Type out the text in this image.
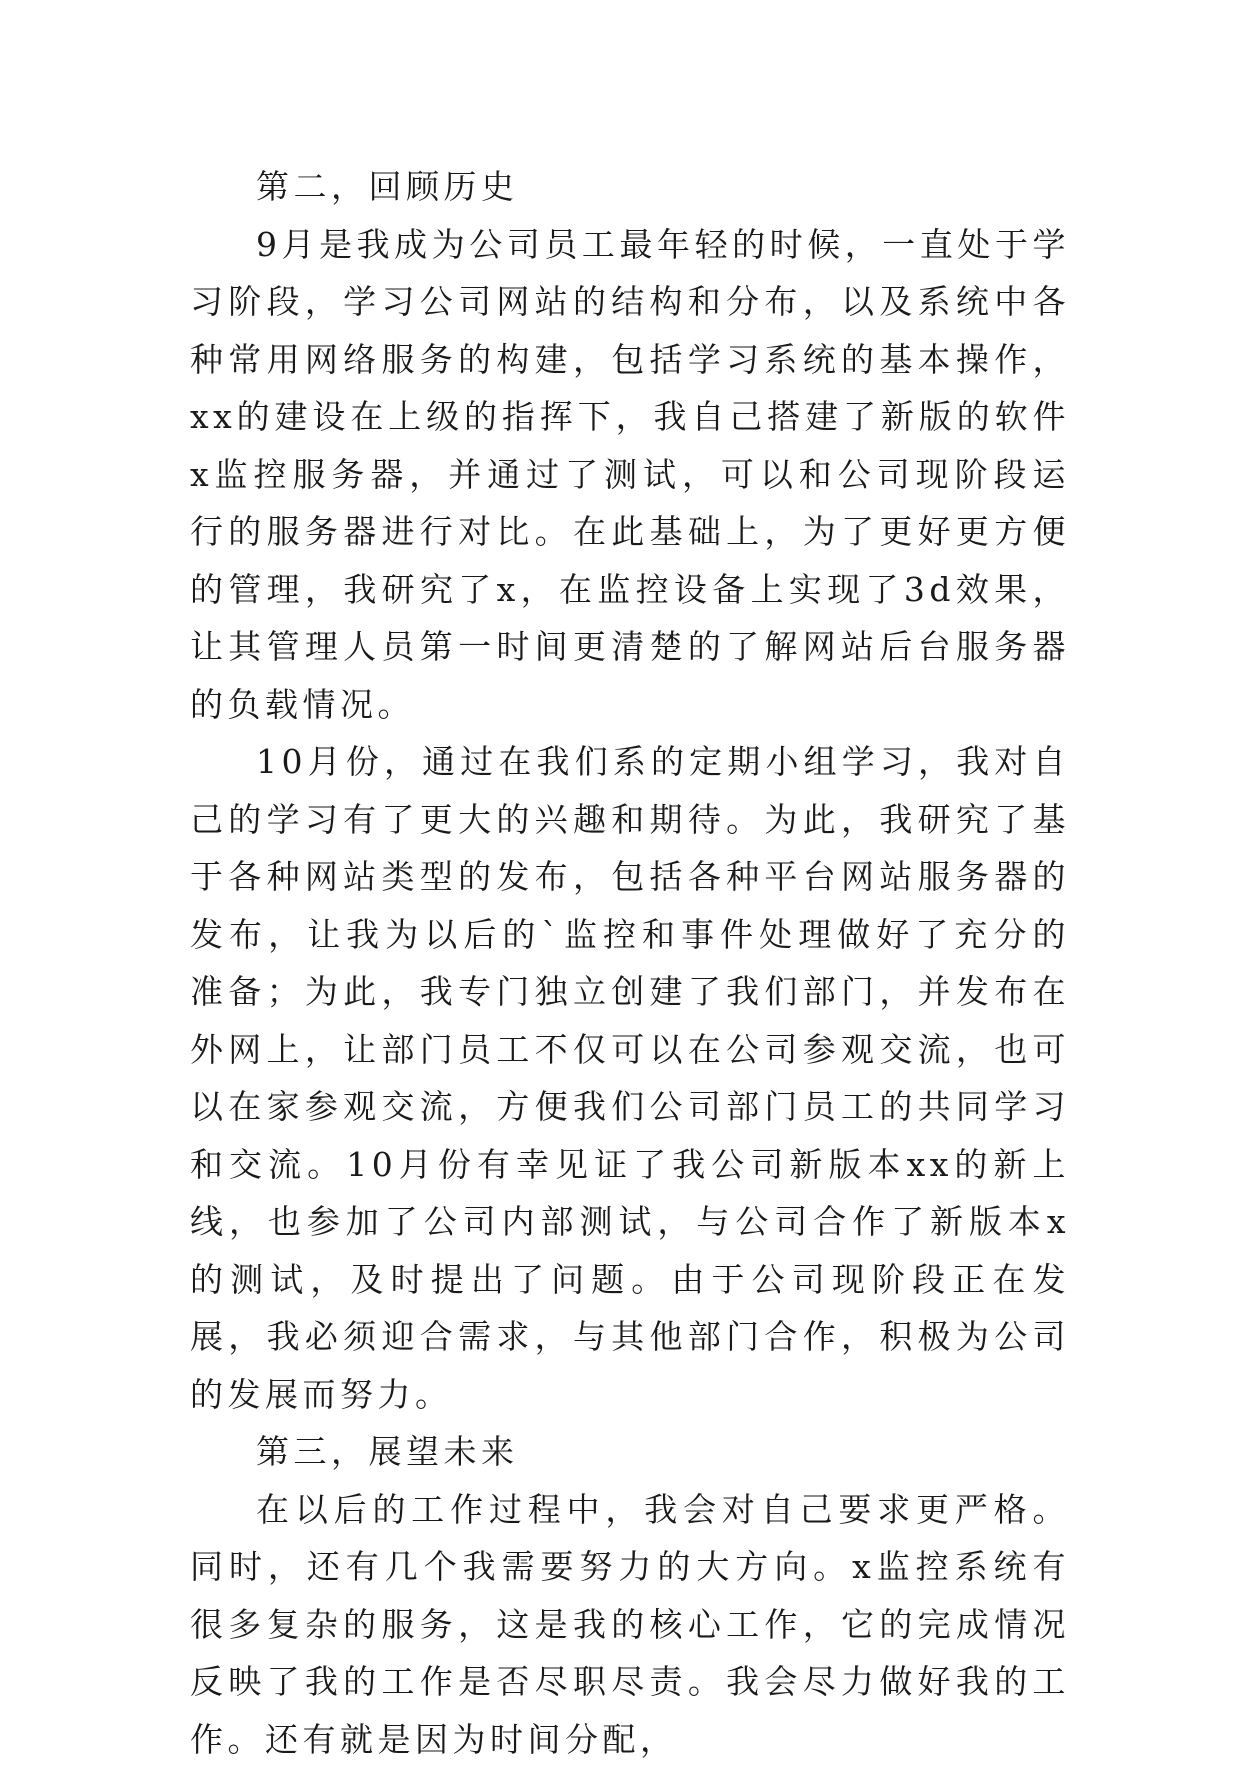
第二，回顾历史

9月是我成为公司员工最年轻的时候，一直处于学习阶段，学习公司网站的结构和分布，以及系统中各种常用网络服务的构建，包括学习系统的基本操作，xx的建设在上级的指挥下，我自己搭建了新版的软件x监控服务器，并通过了测试，可以和公司现阶段运行的服务器进行对比。在此基础上，为了更好更方便的管理，我研究了x，在监控设备上实现了3d效果，让其管理人员第一时间更清楚的了解网站后台服务器的负载情况。

10月份，通过在我们系的定期小组学习，我对自己的学习有了更大的兴趣和期待。为此，我研究了基于各种网站类型的发布，包括各种平台网站服务器的发布，让我为以后的`监控和事件处理做好了充分的准备；为此，我专门独立创建了我们部门，并发布在外网上，让部门员工不仅可以在公司参观交流，也可以在家参观交流，方便我们公司部门员工的共同学习和交流。10月份有幸见证了我公司新版本xx的新上线，也参加了公司内部测试，与公司合作了新版本x的测试，及时提出了问题。由于公司现阶段正在发展，我必须迎合需求，与其他部门合作，积极为公司的发展而努力。

第三，展望未来

在以后的工作过程中，我会对自己要求更严格。同时，还有几个我需要努力的大方向。x监控系统有很多复杂的服务，这是我的核心工作，它的完成情况反映了我的工作是否尽职尽责。我会尽力做好我的工作。还有就是因为时间分配，
